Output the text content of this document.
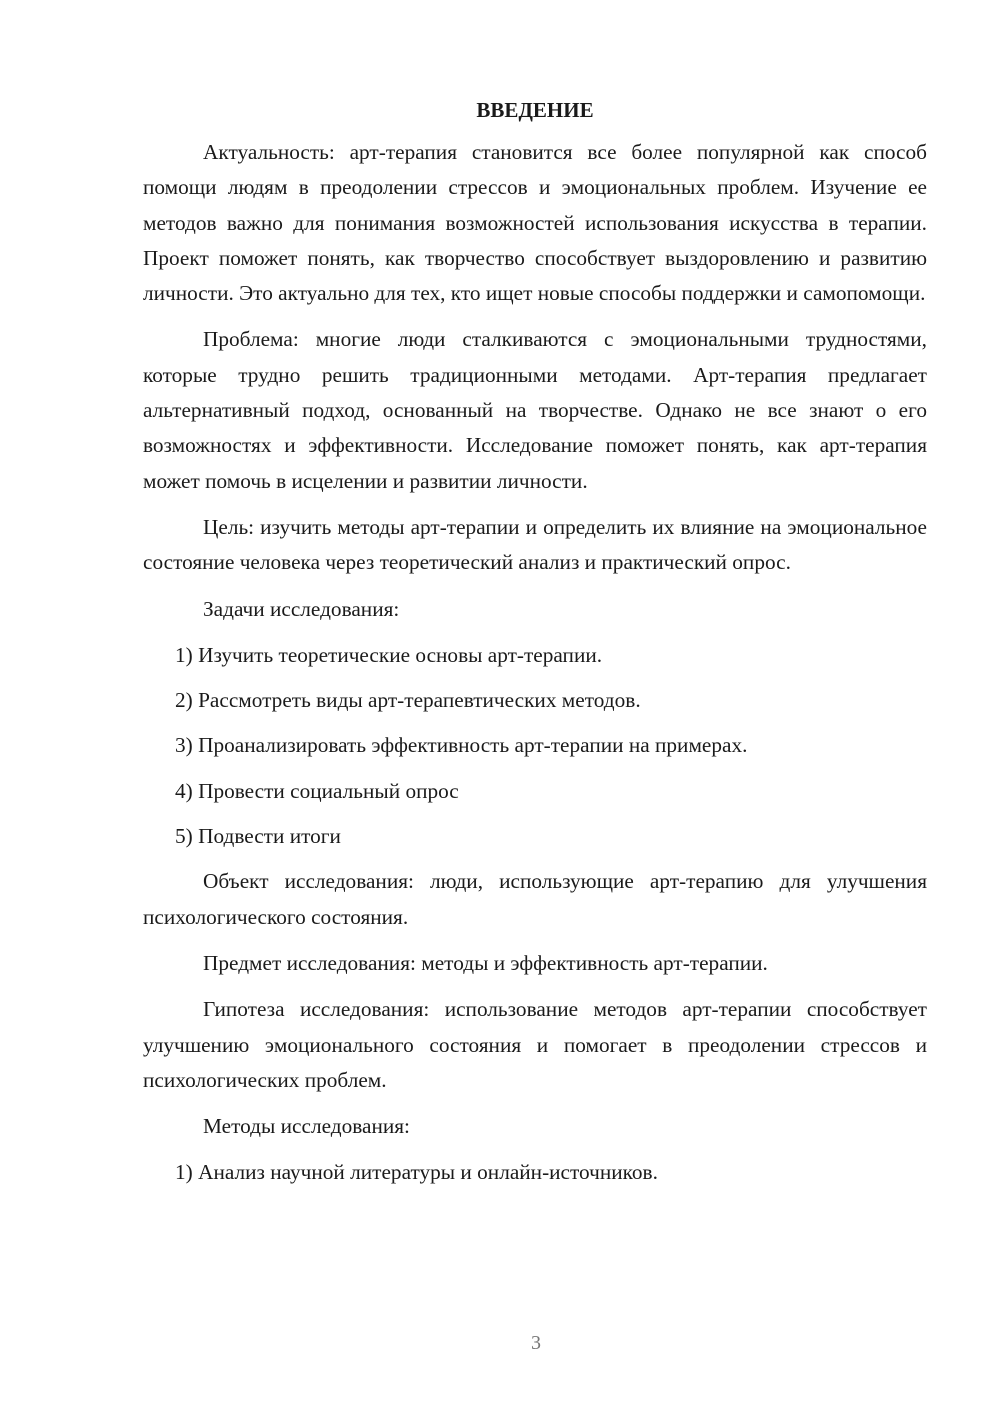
ВВЕДЕНИЕ

Актуальность: арт-терапия становится все более популярной как способ помощи людям в преодолении стрессов и эмоциональных проблем. Изучение ее методов важно для понимания возможностей использования искусства в терапии. Проект поможет понять, как творчество способствует выздоровлению и развитию личности. Это актуально для тех, кто ищет новые способы поддержки и самопомощи.

Проблема: многие люди сталкиваются с эмоциональными трудностями, которые трудно решить традиционными методами. Арт-терапия предлагает альтернативный подход, основанный на творчестве. Однако не все знают о его возможностях и эффективности. Исследование поможет понять, как арт-терапия может помочь в исцелении и развитии личности.

Цель: изучить методы арт-терапии и определить их влияние на эмоциональное состояние человека через теоретический анализ и практический опрос.

Задачи исследования:

1) Изучить теоретические основы арт-терапии.

2) Рассмотреть виды арт-терапевтических методов.

3) Проанализировать эффективность арт-терапии на примерах.

4) Провести социальный опрос

5) Подвести итоги

Объект исследования: люди, использующие арт-терапию для улучшения психологического состояния.

Предмет исследования: методы и эффективность арт-терапии.

Гипотеза исследования: использование методов арт-терапии способствует улучшению эмоционального состояния и помогает в преодолении стрессов и психологических проблем.

Методы исследования:

1) Анализ научной литературы и онлайн-источников.

3
